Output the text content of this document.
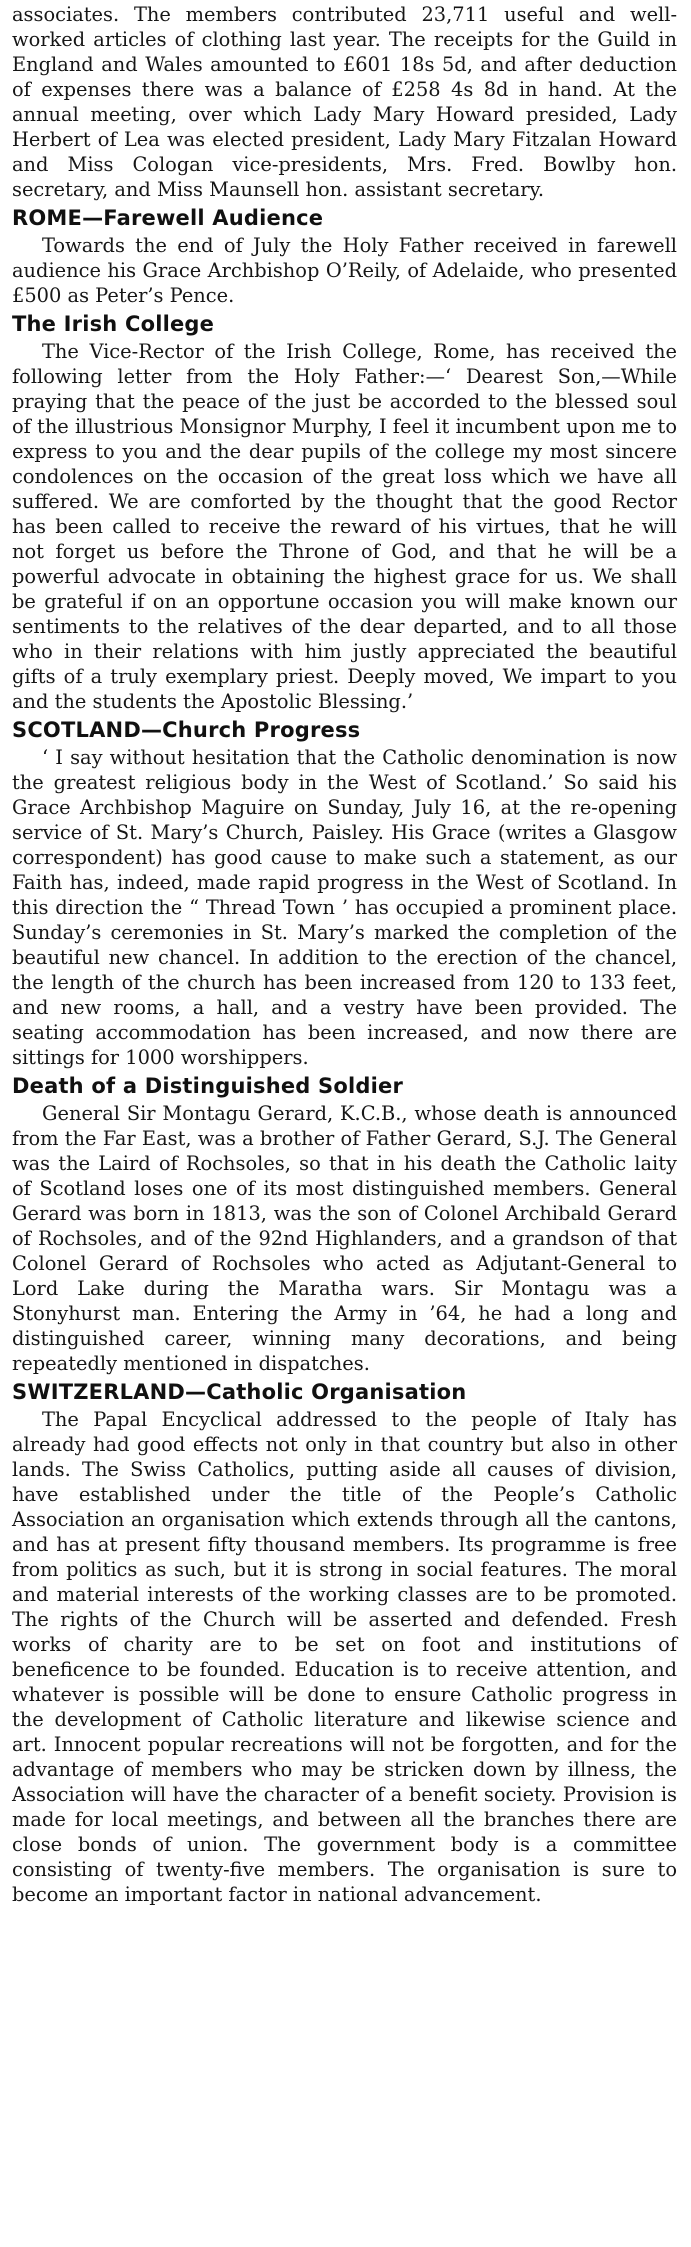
associates. The members contributed 23,711 useful and well-worked articles of clothing last year. The receipts for the Guild in England and Wales amounted to £601 18s 5d, and after deduction of expenses there was a balance of £258 4s 8d in hand. At the annual meeting, over which Lady Mary Howard presided, Lady Herbert of Lea was elected president, Lady Mary Fitzalan Howard and Miss Cologan vice-presidents, Mrs. Fred. Bowlby hon. secretary, and Miss Maunsell hon. assistant secretary.

ROME—Farewell Audience

Towards the end of July the Holy Father received in farewell audience his Grace Archbishop O’Reily, of Adelaide, who presented £500 as Peter’s Pence.

The Irish College

The Vice-Rector of the Irish College, Rome, has received the following letter from the Holy Father:—‘ Dearest Son,—While praying that the peace of the just be accorded to the blessed soul of the illustrious Monsignor Murphy, I feel it incumbent upon me to express to you and the dear pupils of the college my most sincere condolences on the occasion of the great loss which we have all suffered. We are comforted by the thought that the good Rector has been called to receive the reward of his virtues, that he will not forget us before the Throne of God, and that he will be a powerful advocate in obtaining the highest grace for us. We shall be grateful if on an opportune occasion you will make known our sentiments to the relatives of the dear departed, and to all those who in their relations with him justly appreciated the beautiful gifts of a truly exemplary priest. Deeply moved, We impart to you and the students the Apostolic Blessing.’

SCOTLAND—Church Progress

‘ I say without hesitation that the Catholic denomination is now the greatest religious body in the West of Scotland.’ So said his Grace Archbishop Maguire on Sunday, July 16, at the re-opening service of St. Mary’s Church, Paisley. His Grace (writes a Glasgow correspondent) has good cause to make such a statement, as our Faith has, indeed, made rapid progress in the West of Scotland. In this direction the “ Thread Town ’ has occupied a prominent place. Sunday’s ceremonies in St. Mary’s marked the completion of the beautiful new chancel. In addition to the erection of the chancel, the length of the church has been increased from 120 to 133 feet, and new rooms, a hall, and a vestry have been provided. The seating accommodation has been increased, and now there are sittings for 1000 worshippers.

Death of a Distinguished Soldier

General Sir Montagu Gerard, K.C.B., whose death is announced from the Far East, was a brother of Father Gerard, S.J. The General was the Laird of Rochsoles, so that in his death the Catholic laity of Scotland loses one of its most distinguished members. General Gerard was born in 1813, was the son of Colonel Archibald Gerard of Rochsoles, and of the 92nd Highlanders, and a grandson of that Colonel Gerard of Rochsoles who acted as Adjutant-General to Lord Lake during the Maratha wars. Sir Montagu was a Stonyhurst man. Entering the Army in ’64, he had a long and distinguished career, winning many decorations, and being repeatedly mentioned in dispatches.

SWITZERLAND—Catholic Organisation

The Papal Encyclical addressed to the people of Italy has already had good effects not only in that country but also in other lands. The Swiss Catholics, putting aside all causes of division, have established under the title of the People’s Catholic Association an organisation which extends through all the cantons, and has at present fifty thousand members. Its programme is free from politics as such, but it is strong in social features. The moral and material interests of the working classes are to be promoted. The rights of the Church will be asserted and defended. Fresh works of charity are to be set on foot and institutions of beneficence to be founded. Education is to receive attention, and whatever is possible will be done to ensure Catholic progress in the development of Catholic literature and likewise science and art. Innocent popular recreations will not be forgotten, and for the advantage of members who may be stricken down by illness, the Association will have the character of a benefit society. Provision is made for local meetings, and between all the branches there are close bonds of union. The government body is a committee consisting of twenty-five members. The organisation is sure to become an important factor in national advancement.
